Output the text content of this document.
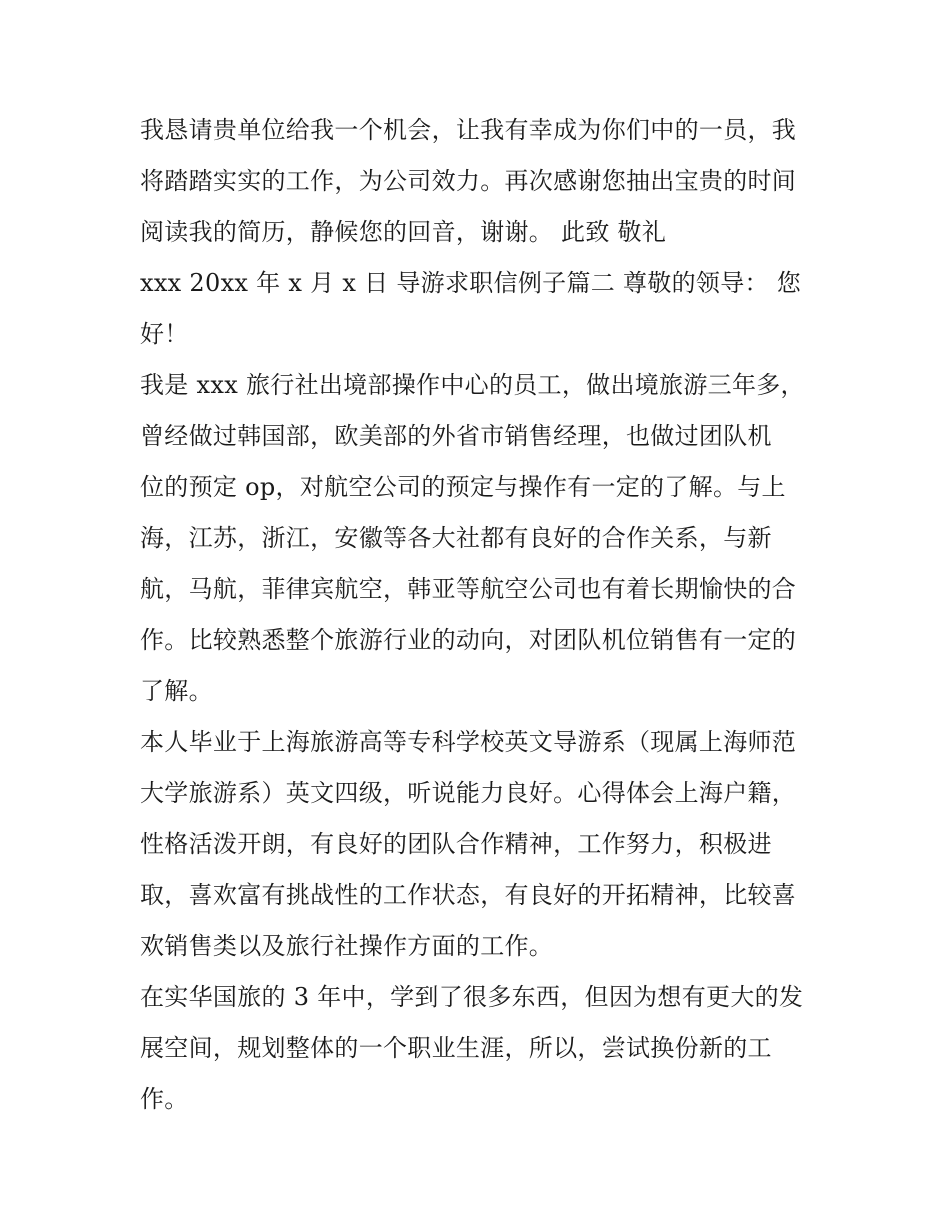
我恳请贵单位给我一个机会，让我有幸成为你们中的一员，我
将踏踏实实的工作，为公司效力。再次感谢您抽出宝贵的时间
阅读我的简历，静候您的回音，谢谢。 此致 敬礼
xxx 20xx 年 x 月 x 日 导游求职信例子篇二 尊敬的领导： 您
好！
我是 xxx 旅行社出境部操作中心的员工，做出境旅游三年多，
曾经做过韩国部，欧美部的外省市销售经理，也做过团队机
位的预定 op，对航空公司的预定与操作有一定的了解。与上
海，江苏，浙江，安徽等各大社都有良好的合作关系，与新
航，马航，菲律宾航空，韩亚等航空公司也有着长期愉快的合
作。比较熟悉整个旅游行业的动向，对团队机位销售有一定的
了解。
本人毕业于上海旅游高等专科学校英文导游系（现属上海师范
大学旅游系）英文四级，听说能力良好。心得体会上海户籍，
性格活泼开朗，有良好的团队合作精神，工作努力，积极进
取，喜欢富有挑战性的工作状态，有良好的开拓精神，比较喜
欢销售类以及旅行社操作方面的工作。
在实华国旅的 3 年中，学到了很多东西，但因为想有更大的发
展空间，规划整体的一个职业生涯，所以，尝试换份新的工
作。
